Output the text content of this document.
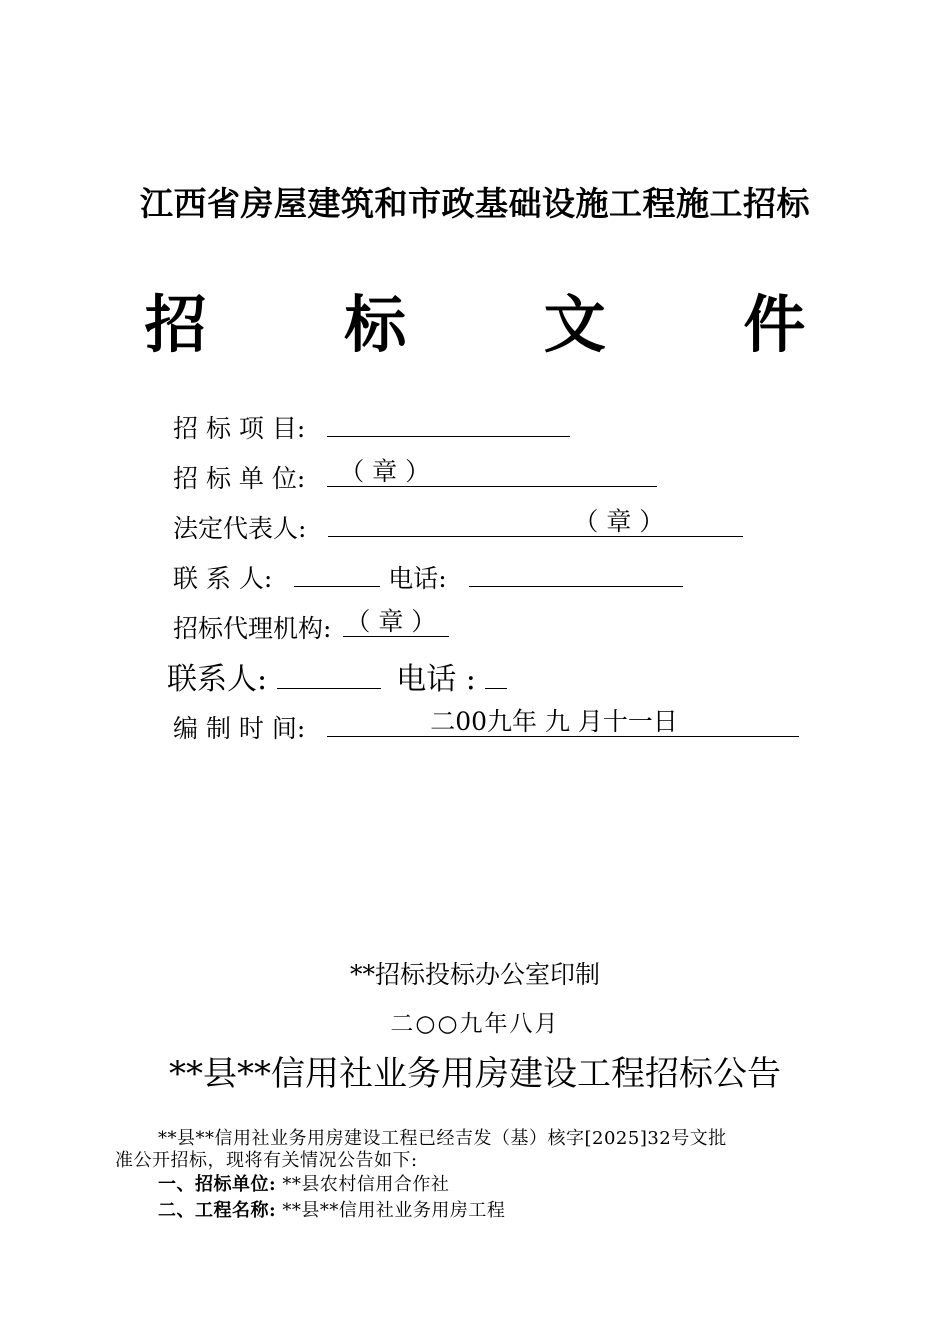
江西省房屋建筑和市政基础设施工程施工招标
招 标 文 件
招 标 项 目:
招 标 单 位: （ 章 ）
法定代表人:	（ 章 ）
联 系 人:	电话:
招标代理机构: （ 章 ）
联系人:	电话 :
编 制 时 间:	二00九年 九 月十一日
**招标投标办公室印制
二○○九年八月
**县**信用社业务用房建设工程招标公告
**县**信用社业务用房建设工程已经吉发（基）核字[2025]32号文批
准公开招标，现将有关情况公告如下:
一、招标单位: **县农村信用合作社
二、工程名称: **县**信用社业务用房工程
